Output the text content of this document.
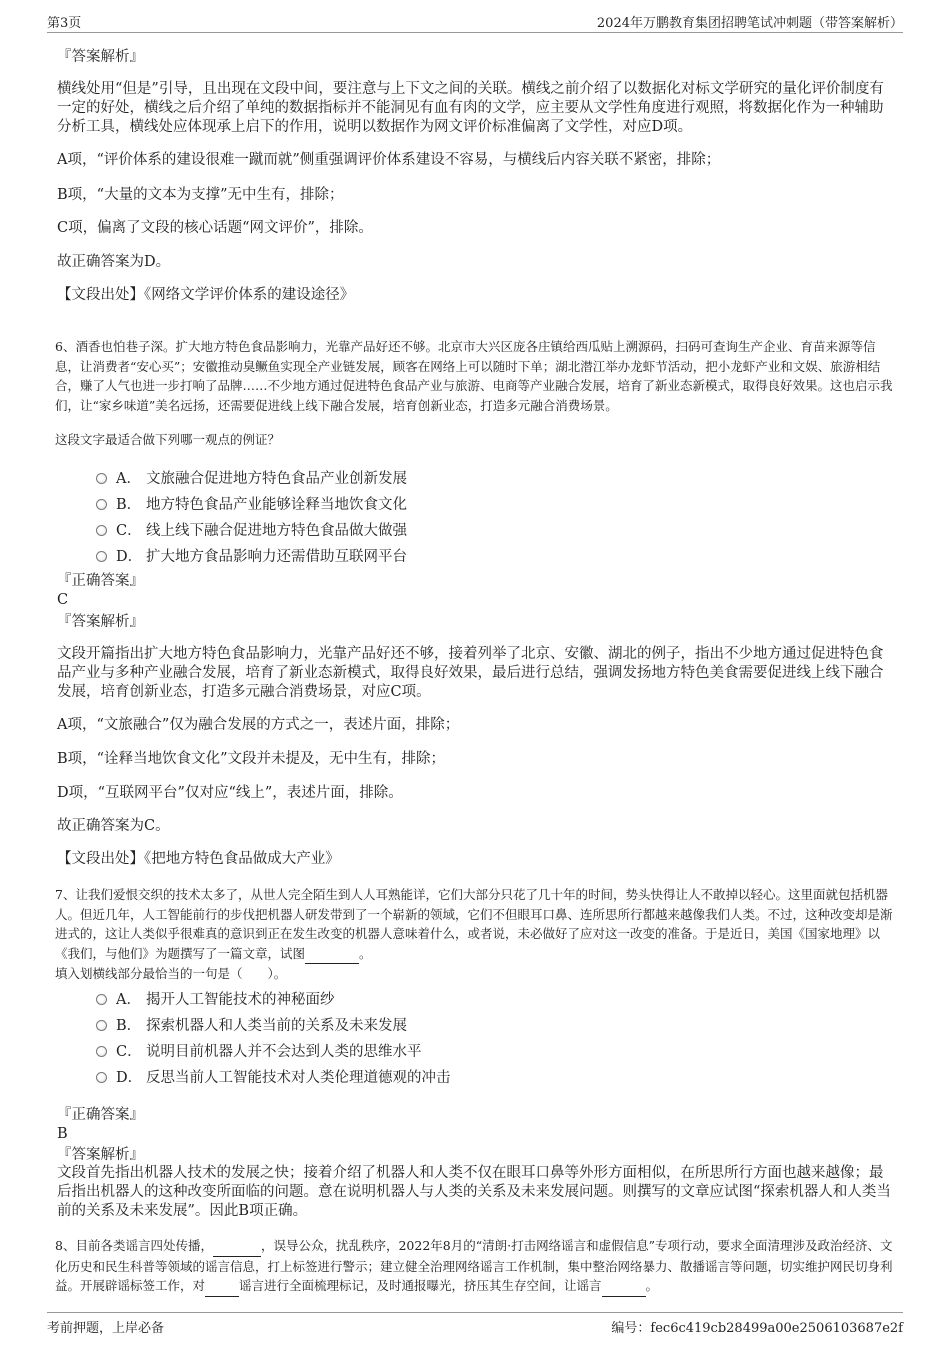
第3页	2024年万鹏教育集团招聘笔试冲刺题（带答案解析）

『答案解析』

横线处用“但是”引导，且出现在文段中间，要注意与上下文之间的关联。横线之前介绍了以数据化对标文学研究的量化评价制度有一定的好处，横线之后介绍了单纯的数据指标并不能洞见有血有肉的文学，应主要从文学性角度进行观照，将数据化作为一种辅助分析工具，横线处应体现承上启下的作用，说明以数据作为网文评价标准偏离了文学性，对应D项。

A项，“评价体系的建设很难一蹴而就”侧重强调评价体系建设不容易，与横线后内容关联不紧密，排除；

B项，“大量的文本为支撑”无中生有，排除；

C项，偏离了文段的核心话题“网文评价”，排除。

故正确答案为D。

【文段出处】《网络文学评价体系的建设途径》

6、酒香也怕巷子深。扩大地方特色食品影响力，光靠产品好还不够。北京市大兴区庞各庄镇给西瓜贴上溯源码，扫码可查询生产企业、育苗来源等信息，让消费者“安心买”；安徽推动臭鳜鱼实现全产业链发展，顾客在网络上可以随时下单；湖北潜江举办龙虾节活动，把小龙虾产业和文娱、旅游相结合，赚了人气也进一步打响了品牌……不少地方通过促进特色食品产业与旅游、电商等产业融合发展，培育了新业态新模式，取得良好效果。这也启示我们，让“家乡味道”美名远扬，还需要促进线上线下融合发展，培育创新业态，打造多元融合消费场景。

这段文字最适合做下列哪一观点的例证？

A． 文旅融合促进地方特色食品产业创新发展
B． 地方特色食品产业能够诠释当地饮食文化
C． 线上线下融合促进地方特色食品做大做强
D． 扩大地方食品影响力还需借助互联网平台

『正确答案』

C

『答案解析』

文段开篇指出扩大地方特色食品影响力，光靠产品好还不够，接着列举了北京、安徽、湖北的例子，指出不少地方通过促进特色食品产业与多种产业融合发展，培育了新业态新模式，取得良好效果，最后进行总结，强调发扬地方特色美食需要促进线上线下融合发展，培育创新业态，打造多元融合消费场景，对应C项。

A项，“文旅融合”仅为融合发展的方式之一，表述片面，排除；

B项，“诠释当地饮食文化”文段并未提及，无中生有，排除；

D项，“互联网平台”仅对应“线上”，表述片面，排除。

故正确答案为C。

【文段出处】《把地方特色食品做成大产业》

7、让我们爱恨交织的技术太多了，从世人完全陌生到人人耳熟能详，它们大部分只花了几十年的时间，势头快得让人不敢掉以轻心。这里面就包括机器人。但近几年，人工智能前行的步伐把机器人研发带到了一个崭新的领域，它们不但眼耳口鼻、连所思所行都越来越像我们人类。不过，这种改变却是渐进式的，这让人类似乎很难真的意识到正在发生改变的机器人意味着什么，或者说，未必做好了应对这一改变的准备。于是近日，美国《国家地理》以《我们，与他们》为题撰写了一篇文章，试图	。
填入划横线部分最恰当的一句是（　　）。

A． 揭开人工智能技术的神秘面纱
B． 探索机器人和人类当前的关系及未来发展
C． 说明目前机器人并不会达到人类的思维水平
D． 反思当前人工智能技术对人类伦理道德观的冲击

『正确答案』

B

『答案解析』

文段首先指出机器人技术的发展之快；接着介绍了机器人和人类不仅在眼耳口鼻等外形方面相似，在所思所行方面也越来越像；最后指出机器人的这种改变所面临的问题。意在说明机器人与人类的关系及未来发展问题。则撰写的文章应试图“探索机器人和人类当前的关系及未来发展”。因此B项正确。

8、目前各类谣言四处传播，	，误导公众，扰乱秩序，2022年8月的“清朗·打击网络谣言和虚假信息”专项行动，要求全面清理涉及政治经济、文化历史和民生科普等领域的谣言信息，打上标签进行警示；建立健全治理网络谣言工作机制，集中整治网络暴力、散播谣言等问题，切实维护网民切身利益。开展辟谣标签工作，对	谣言进行全面梳理标记，及时通报曝光，挤压其生存空间，让谣言	。

考前押题，上岸必备	编号：fec6c419cb28499a00e2506103687e2f
